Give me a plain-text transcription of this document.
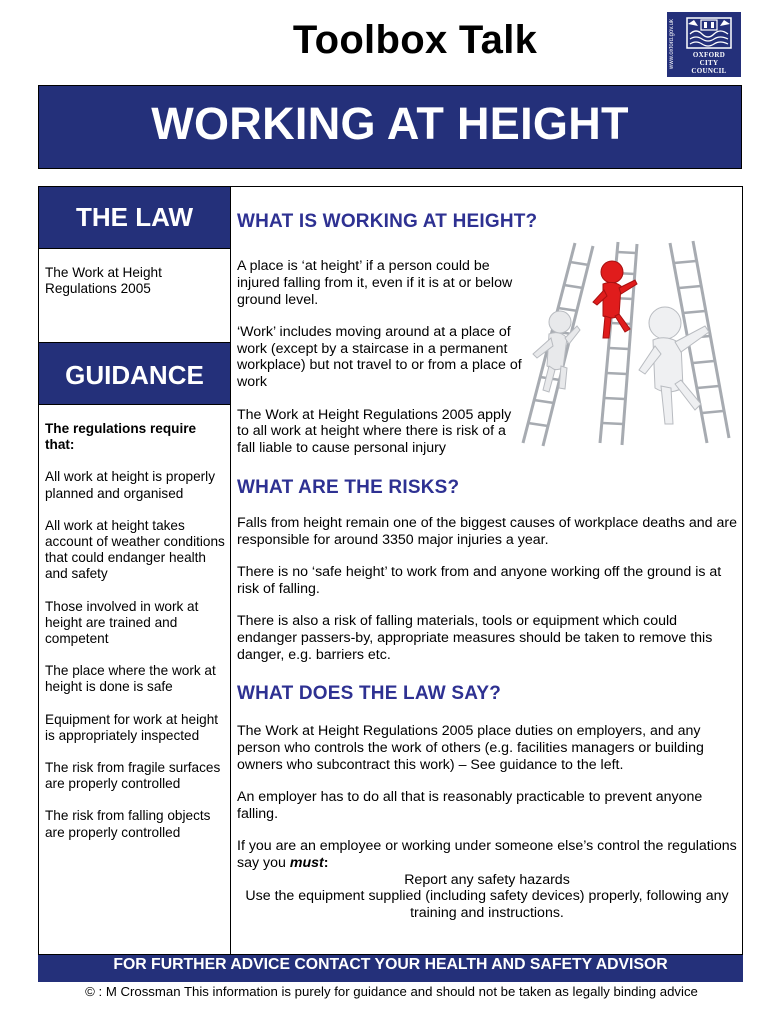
Toolbox Talk	www.oxford.gov.uk	OXFORD
CITY
COUNCIL
WORKING AT HEIGHT
THE LAW
The Work at Height Regulations 2005
GUIDANCE

The regulations require that:

All work at height is properly planned and organised

All work at height takes account of weather conditions that could endanger health and safety

Those involved in work at height are trained and competent

The place where the work at height is done is safe

Equipment for work at height is appropriately inspected

The risk from fragile surfaces are properly controlled

The risk from falling objects are properly controlled

WHAT IS WORKING AT HEIGHT?

A place is ‘at height’ if a person could be injured falling from it, even if it is at or below ground level.

‘Work’ includes moving around at a place of work (except by a staircase in a permanent workplace) but not travel to or from a place of work

The Work at Height Regulations 2005 apply to all work at height where there is risk of a fall liable to cause personal injury

WHAT ARE THE RISKS?

Falls from height remain one of the biggest causes of workplace deaths and are responsible for around 3350 major injuries a year.

There is no ‘safe height’ to work from and anyone working off the ground is at risk of falling.

There is also a risk of falling materials, tools or equipment which could endanger passers-by, appropriate measures should be taken to remove this danger, e.g. barriers etc.

WHAT DOES THE LAW SAY?

The Work at Height Regulations 2005 place duties on employers, and any person who controls the work of others (e.g. facilities managers or building owners who subcontract this work) – See guidance to the left.

An employer has to do all that is reasonably practicable to prevent anyone falling.

If you are an employee or working under someone else’s control the regulations say you must:

Report any safety hazards
Use the equipment supplied (including safety devices) properly, following any training and instructions.
FOR FURTHER ADVICE CONTACT YOUR HEALTH AND SAFETY ADVISOR
© : M Crossman This information is purely for guidance and should not be taken as legally binding advice
